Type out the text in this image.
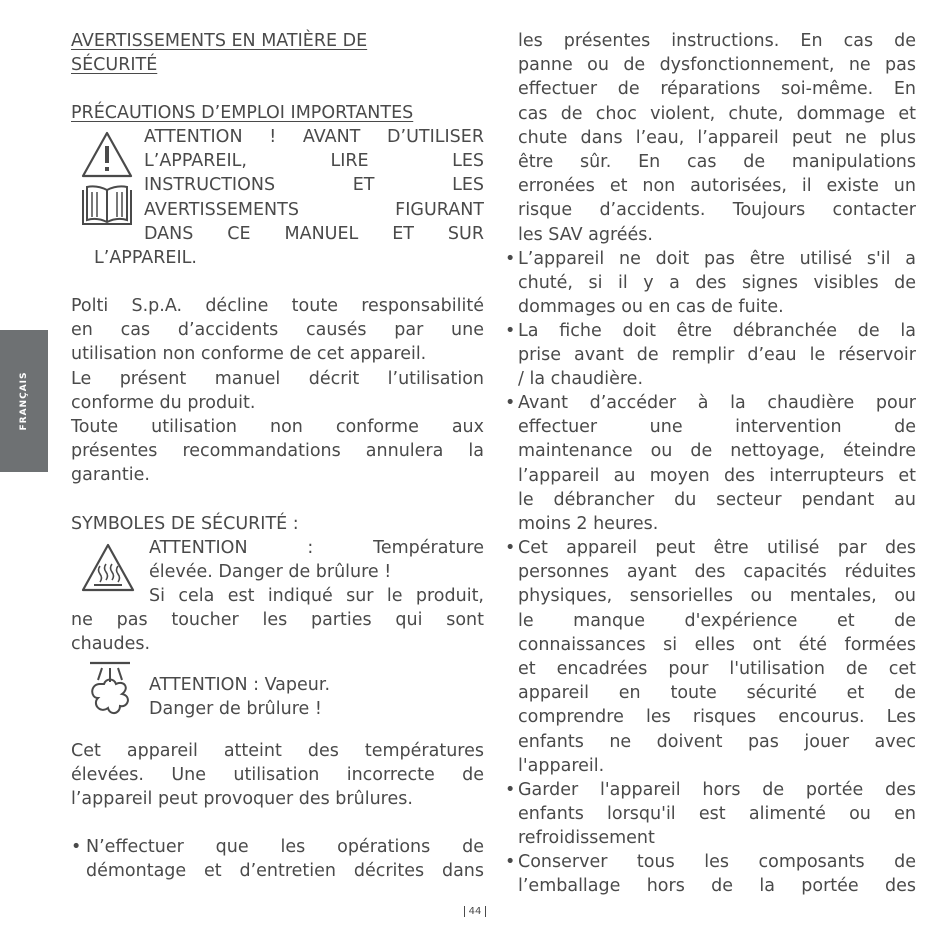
FRANÇAIS
AVERTISSEMENTS EN MATIÈRE DE
SÉCURITÉ
PRÉCAUTIONS D’EMPLOI IMPORTANTES
ATTENTION ! AVANT D’UTILISER
L’APPAREIL, LIRE LES
INSTRUCTIONS ET LES
AVERTISSEMENTS FIGURANT
DANS CE MANUEL ET SUR
L’APPAREIL.
Polti S.p.A. décline toute responsabilité
en cas d’accidents causés par une
utilisation non conforme de cet appareil.
Le présent manuel décrit l’utilisation
conforme du produit.
Toute utilisation non conforme aux
présentes recommandations annulera la
garantie.
SYMBOLES DE SÉCURITÉ :
ATTENTION : Température
élevée. Danger de brûlure !
Si cela est indiqué sur le produit,
ne pas toucher les parties qui sont
chaudes.
ATTENTION : Vapeur.
Danger de brûlure !
Cet appareil atteint des températures
élevées. Une utilisation incorrecte de
l’appareil peut provoquer des brûlures.
• N’effectuer que les opérations de
démontage et d’entretien décrites dans
les présentes instructions. En cas de
panne ou de dysfonctionnement, ne pas
effectuer de réparations soi-même. En
cas de choc violent, chute, dommage et
chute dans l’eau, l’appareil peut ne plus
être sûr. En cas de manipulations
erronées et non autorisées, il existe un
risque d’accidents. Toujours contacter
les SAV agréés.
• L’appareil ne doit pas être utilisé s'il a
chuté, si il y a des signes visibles de
dommages ou en cas de fuite.
• La fiche doit être débranchée de la
prise avant de remplir d’eau le réservoir
/ la chaudière.
• Avant d’accéder à la chaudière pour
effectuer une intervention de
maintenance ou de nettoyage, éteindre
l’appareil au moyen des interrupteurs et
le débrancher du secteur pendant au
moins 2 heures.
• Cet appareil peut être utilisé par des
personnes ayant des capacités réduites
physiques, sensorielles ou mentales, ou
le manque d'expérience et de
connaissances si elles ont été formées
et encadrées pour l'utilisation de cet
appareil en toute sécurité et de
comprendre les risques encourus. Les
enfants ne doivent pas jouer avec
l'appareil.
• Garder l'appareil hors de portée des
enfants lorsqu'il est alimenté ou en
refroidissement
• Conserver tous les composants de
l’emballage hors de la portée des
44
